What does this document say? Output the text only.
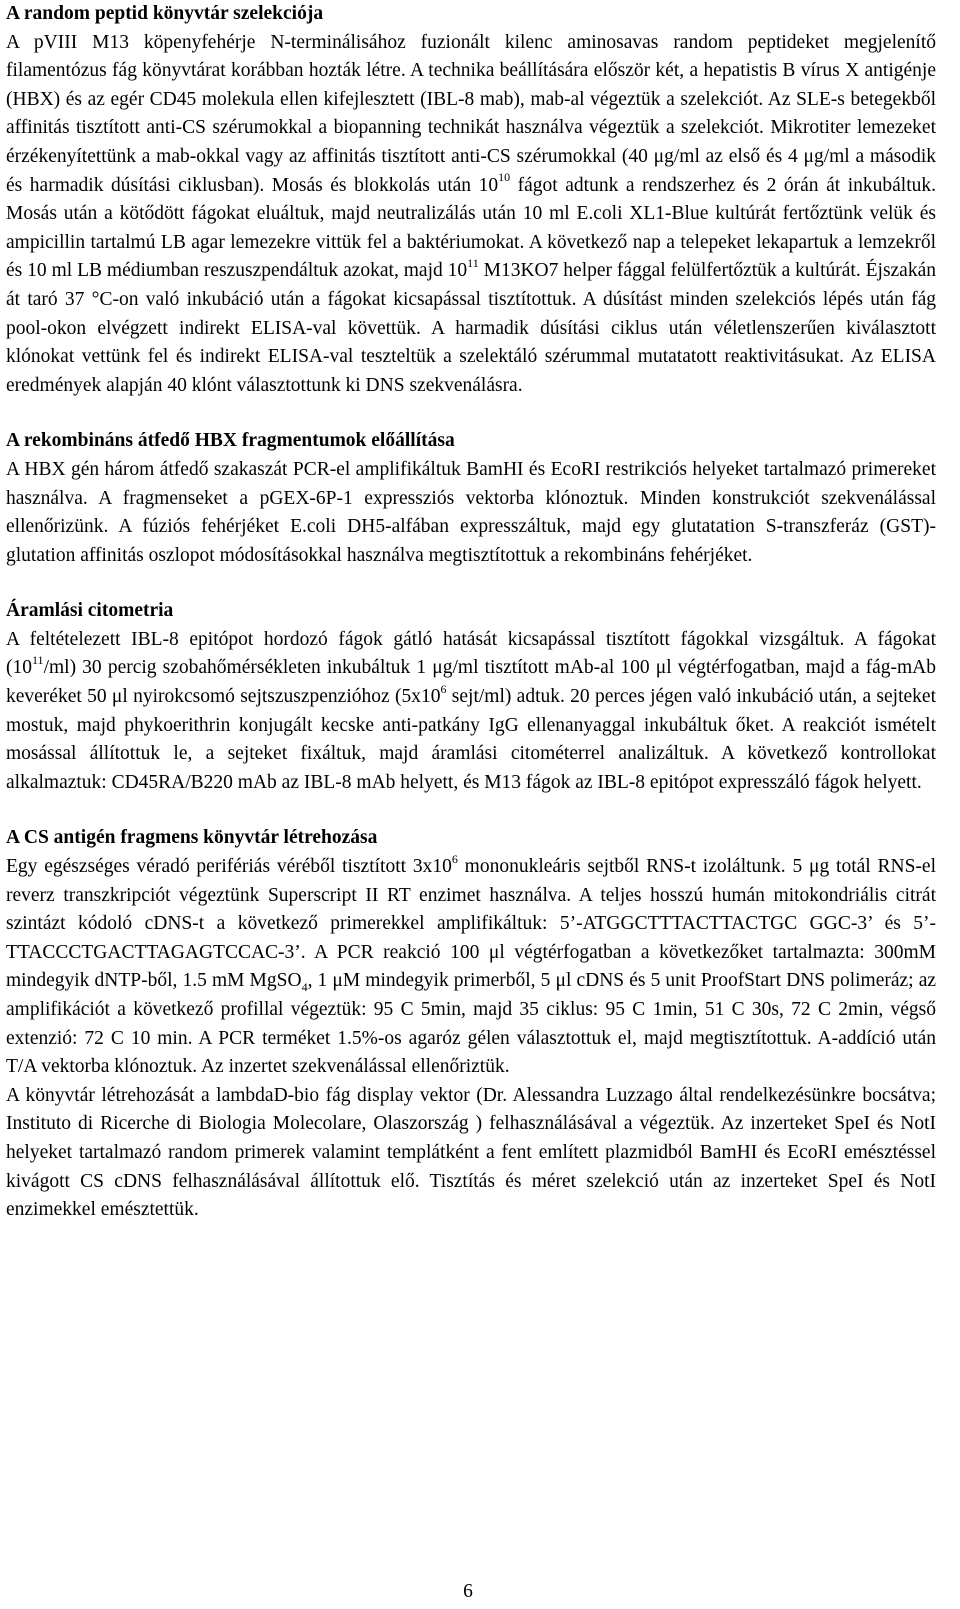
A random peptid könyvtár szelekciója
A pVIII M13 köpenyfehérje N-terminálisához fuzionált kilenc aminosavas random peptideket megjelenítő filamentózus fág könyvtárat korábban hozták létre. A technika beállítására először két, a hepatistis B vírus X antigénje (HBX) és az egér CD45 molekula ellen kifejlesztett (IBL-8 mab), mab-al végeztük a szelekciót. Az SLE-s betegekből affinitás tisztított anti-CS szérumokkal a biopanning technikát használva végeztük a szelekciót. Mikrotiter lemezeket érzékenyítettünk a mab-okkal vagy az affinitás tisztított anti-CS szérumokkal (40 μg/ml az első és 4 μg/ml a második és harmadik dúsítási ciklusban). Mosás és blokkolás után $10^{10}$ fágot adtunk a rendszerhez és 2 órán át inkubáltuk. Mosás után a kötődött fágokat eluáltuk, majd neutralizálás után 10 ml E.coli XL1-Blue kultúrát fertőztünk velük és ampicillin tartalmú LB agar lemezekre vittük fel a baktériumokat. A következő nap a telepeket lekapartuk a lemzekről és 10 ml LB médiumban reszuszpendáltuk azokat, majd $10^{11}$ M13KO7 helper fággal felülfertőztük a kultúrát. Éjszakán át taró 37 °C-on való inkubáció után a fágokat kicsapással tisztítottuk. A dúsítást minden szelekciós lépés után fág pool-okon elvégzett indirekt ELISA-val követtük. A harmadik dúsítási ciklus után véletlenszerűen kiválasztott klónokat vettünk fel és indirekt ELISA-val teszteltük a szelektáló szérummal mutatatott reaktivitásukat. Az ELISA eredmények alapján 40 klónt választottunk ki DNS szekvenálásra.
A rekombináns átfedő HBX fragmentumok előállítása
A HBX gén három átfedő szakaszát PCR-el amplifikáltuk BamHI és EcoRI restrikciós helyeket tartalmazó primereket használva. A fragmenseket a pGEX-6P-1 expressziós vektorba klónoztuk. Minden konstrukciót szekvenálással ellenőrizünk. A fúziós fehérjéket E.coli DH5-alfában expresszáltuk, majd egy glutatation S-transzferáz (GST)-glutation affinitás oszlopot módosításokkal használva megtisztítottuk a rekombináns fehérjéket.
Áramlási citometria
A feltételezett IBL-8 epitópot hordozó fágok gátló hatását kicsapással tisztított fágokkal vizsgáltuk. A fágokat $(10^{11}/ml)$ 30 percig szobahőmérsékleten inkubáltuk 1 μg/ml tisztított mAb-al 100 μl végtérfogatban, majd a fág-mAb keveréket 50 μl nyirokcsomó sejtszuszpenzióhoz ($5x10^6$ sejt/ml) adtuk. 20 perces jégen való inkubáció után, a sejteket mostuk, majd phykoerithrin konjugált kecske anti-patkány IgG ellenanyaggal inkubáltuk őket. A reakciót ismételt mosással állítottuk le, a sejteket fixáltuk, majd áramlási citométerrel analizáltuk. A következő kontrollokat alkalmaztuk: CD45RA/B220 mAb az IBL-8 mAb helyett, és M13 fágok az IBL-8 epitópot expresszáló fágok helyett.
A CS antigén fragmens könyvtár létrehozása
Egy egészséges véradó perifériás véréből tisztított $3x10^6$ mononukleáris sejtből RNS-t izoláltunk. 5 μg totál RNS-el reverz transzkripciót végeztünk Superscript II RT enzimet használva. A teljes hosszú humán mitokondriális citrát szintázt kódoló cDNS-t a következő primerekkel amplifikáltuk: 5’-ATGGCTTTACTTACTGC GGC-3’ és 5’-TTACCCTGACTTAGAGTCCAC-3’. A PCR reakció 100 μl végtérfogatban a következőket tartalmazta: 300mM mindegyik dNTP-ből, 1.5 mM MgSO$_4$, 1 μM mindegyik primerből, 5 μl cDNS és 5 unit ProofStart DNS polimeráz; az amplifikációt a következő profillal végeztük: 95 C 5min, majd 35 ciklus: 95 C 1min, 51 C 30s, 72 C 2min, végső extenzió: 72 C 10 min. A PCR terméket 1.5%-os agaróz gélen választottuk el, majd megtisztítottuk. A-addíció után T/A vektorba klónoztuk. Az inzertet szekvenálással ellenőriztük.
A könyvtár létrehozását a lambdaD-bio fág display vektor (Dr. Alessandra Luzzago által rendelkezésünkre bocsátva; Instituto di Ricerche di Biologia Molecolare, Olaszország ) felhasználásával a végeztük. Az inzerteket SpeI és NotI helyeket tartalmazó random primerek valamint templátként a fent említett plazmidból BamHI és EcoRI emésztéssel kivágott CS cDNS felhasználásával állítottuk elő. Tisztítás és méret szelekció után az inzerteket SpeI és NotI enzimekkel emésztettük.
6
